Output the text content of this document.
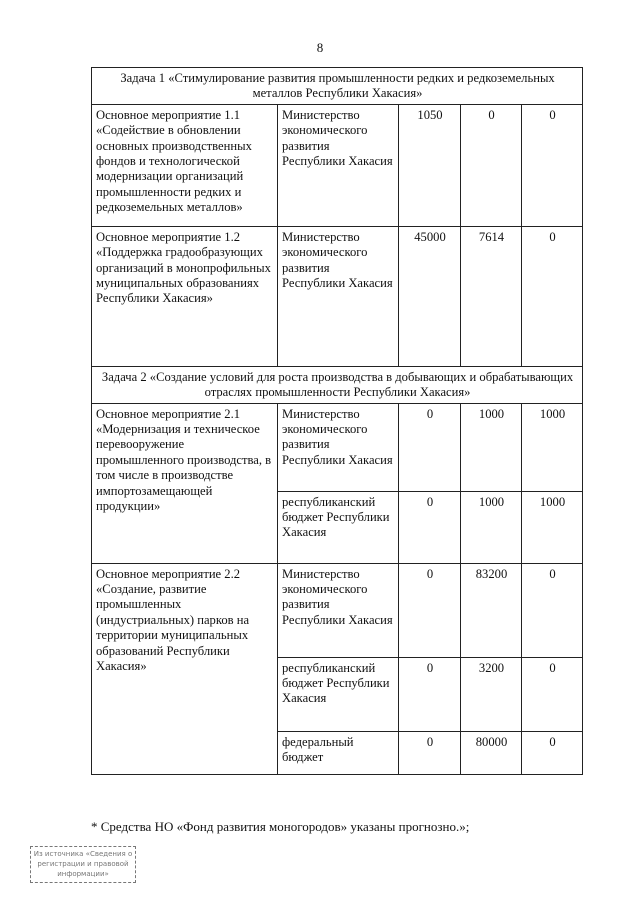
8
Задача 1 «Стимулирование развития промышленности редких и редкоземельных металлов Республики Хакасия»				
Основное мероприятие 1.1 «Содействие в обновлении основных производственных фондов и технологической модернизации организаций промышленности редких и редкоземельных металлов»	Министерство экономического развития Республики Хакасия	1050	0	0
Основное мероприятие 1.2 «Поддержка градообразующих организаций в монопрофильных муниципальных образованиях Республики Хакасия»	Министерство экономического развития Республики Хакасия	45000	7614	0
Задача 2 «Создание условий для роста производства в добывающих и обрабатывающих отраслях промышленности Республики Хакасия»				
Основное мероприятие 2.1 «Модернизация и техническое перевооружение промышленного производства, в том числе в производстве импортозамещающей продукции»	Министерство экономического развития Республики Хакасия	0	1000	1000
	республиканский бюджет Республики Хакасия	0	1000	1000
Основное мероприятие 2.2 «Создание, развитие промышленных (индустриальных) парков на территории муниципальных образований Республики Хакасия»	Министерство экономического развития Республики Хакасия	0	83200	0
	республиканский бюджет Республики Хакасия	0	3200	0
	федеральный бюджет	0	80000	0
* Средства НО «Фонд развития моногородов» указаны прогнозно.»;
Из источника «Сведения о
регистрации и правовой
информации»
